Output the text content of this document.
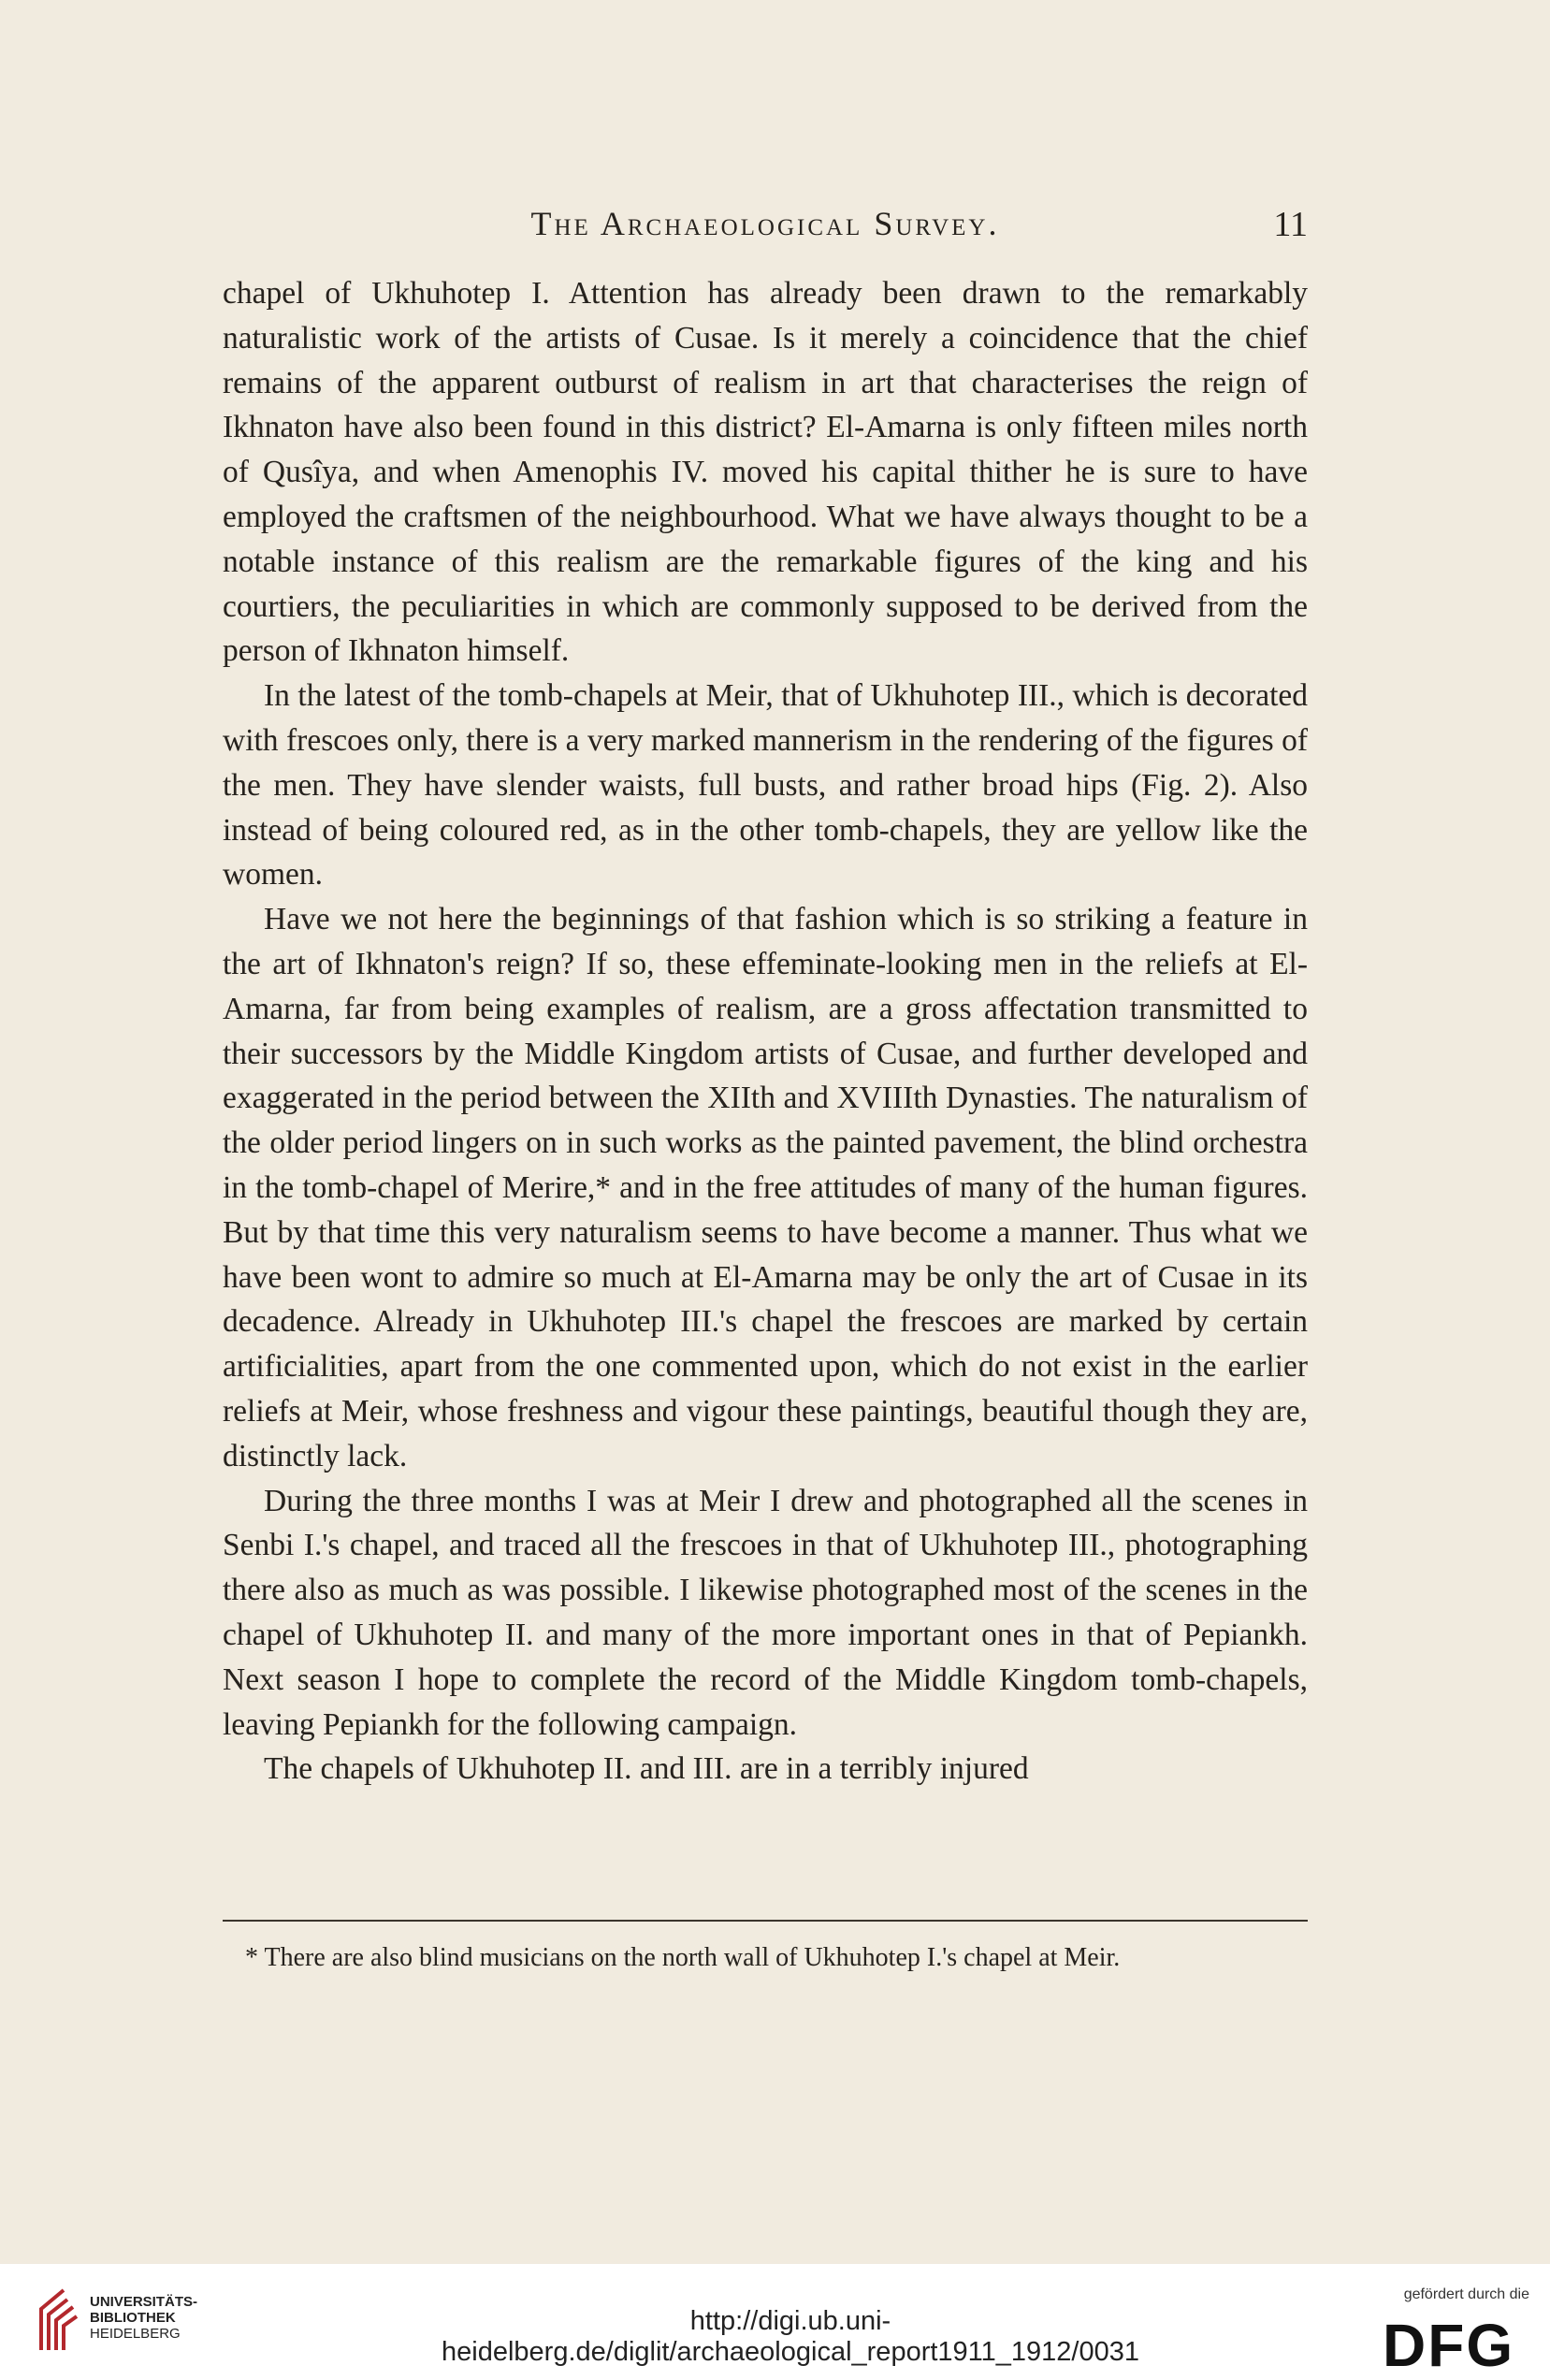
The Archaeological Survey.	11

chapel of Ukhuhotep I. Attention has already been drawn to the remarkably naturalistic work of the artists of Cusae. Is it merely a coincidence that the chief remains of the apparent outburst of realism in art that characterises the reign of Ikhnaton have also been found in this district? El-Amarna is only fifteen miles north of Qusîya, and when Amenophis IV. moved his capital thither he is sure to have employed the craftsmen of the neighbourhood. What we have always thought to be a notable instance of this realism are the remarkable figures of the king and his courtiers, the peculiarities in which are commonly supposed to be derived from the person of Ikhnaton himself.

In the latest of the tomb-chapels at Meir, that of Ukhuhotep III., which is decorated with frescoes only, there is a very marked mannerism in the rendering of the figures of the men. They have slender waists, full busts, and rather broad hips (Fig. 2). Also instead of being coloured red, as in the other tomb-chapels, they are yellow like the women.

Have we not here the beginnings of that fashion which is so striking a feature in the art of Ikhnaton's reign? If so, these effeminate-looking men in the reliefs at El-Amarna, far from being examples of realism, are a gross affectation transmitted to their successors by the Middle Kingdom artists of Cusae, and further developed and exaggerated in the period between the XIIth and XVIIIth Dynasties. The naturalism of the older period lingers on in such works as the painted pavement, the blind orchestra in the tomb-chapel of Merire,* and in the free attitudes of many of the human figures. But by that time this very naturalism seems to have become a manner. Thus what we have been wont to admire so much at El-Amarna may be only the art of Cusae in its decadence. Already in Ukhuhotep III.'s chapel the frescoes are marked by certain artificialities, apart from the one commented upon, which do not exist in the earlier reliefs at Meir, whose freshness and vigour these paintings, beautiful though they are, distinctly lack.

During the three months I was at Meir I drew and photographed all the scenes in Senbi I.'s chapel, and traced all the frescoes in that of Ukhuhotep III., photographing there also as much as was possible. I likewise photographed most of the scenes in the chapel of Ukhuhotep II. and many of the more important ones in that of Pepiankh. Next season I hope to complete the record of the Middle Kingdom tomb-chapels, leaving Pepiankh for the following campaign.

The chapels of Ukhuhotep II. and III. are in a terribly injured

* There are also blind musicians on the north wall of Ukhuhotep I.'s chapel at Meir.
UNIVERSITÄTS-
BIBLIOTHEK
HEIDELBERG	http://digi.ub.uni-heidelberg.de/diglit/archaeological_report1911_1912/0031
gefördert durch die
DFG
